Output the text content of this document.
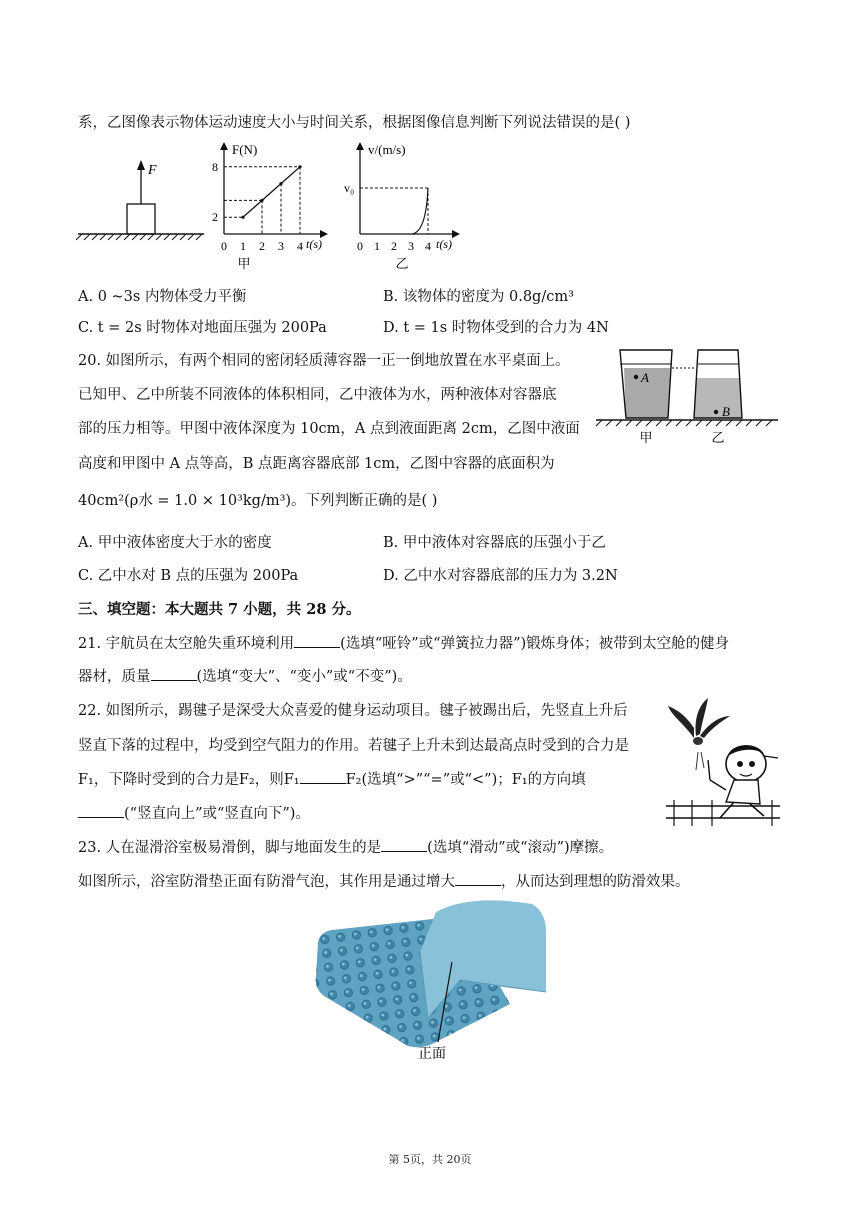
系，乙图像表示物体运动速度大小与时间关系，根据图像信息判断下列说法错误的是( )
F
F(N)
t(s)
8
2
0 1 2 3 4
甲
v/(m/s)
t(s)
v₀
0 1 2 3 4
乙
A. 0 ~3s 内物体受力平衡	B. 该物体的密度为 0.8g/cm³
C. t = 2s 时物体对地面压强为 200Pa	D. t = 1s 时物体受到的合力为 4N
20. 如图所示，有两个相同的密闭轻质薄容器一正一倒地放置在水平桌面上。
已知甲、乙中所装不同液体的体积相同，乙中液体为水，两种液体对容器底
部的压力相等。甲图中液体深度为 10cm，A 点到液面距离 2cm，乙图中液面
高度和甲图中 A 点等高，B 点距离容器底部 1cm，乙图中容器的底面积为
40cm²(ρ水 = 1.0 × 10³kg/m³)。下列判断正确的是( )
A
B
甲	乙
A. 甲中液体密度大于水的密度	B. 甲中液体对容器底的压强小于乙
C. 乙中水对 B 点的压强为 200Pa	D. 乙中水对容器底部的压力为 3.2N
三、填空题：本大题共 7 小题，共 28 分。
21. 宇航员在太空舱失重环境利用	(选填“哑铃”或“弹簧拉力器”)锻炼身体；被带到太空舱的健身
器材，质量	(选填“变大”、“变小”或“不变”)。
22. 如图所示，踢毽子是深受大众喜爱的健身运动项目。毽子被踢出后，先竖直上升后
竖直下落的过程中，均受到空气阻力的作用。若毽子上升未到达最高点时受到的合力是
F₁，下降时受到的合力是F₂，则F₁	F₂(选填“>”“=”或“<”)；F₁的方向填
(“竖直向上”或“竖直向下”)。
23. 人在湿滑浴室极易滑倒，脚与地面发生的是	(选填“滑动”或“滚动”)摩擦。
如图所示，浴室防滑垫正面有防滑气泡，其作用是通过增大	，从而达到理想的防滑效果。
正面
第 5页，共 20页
